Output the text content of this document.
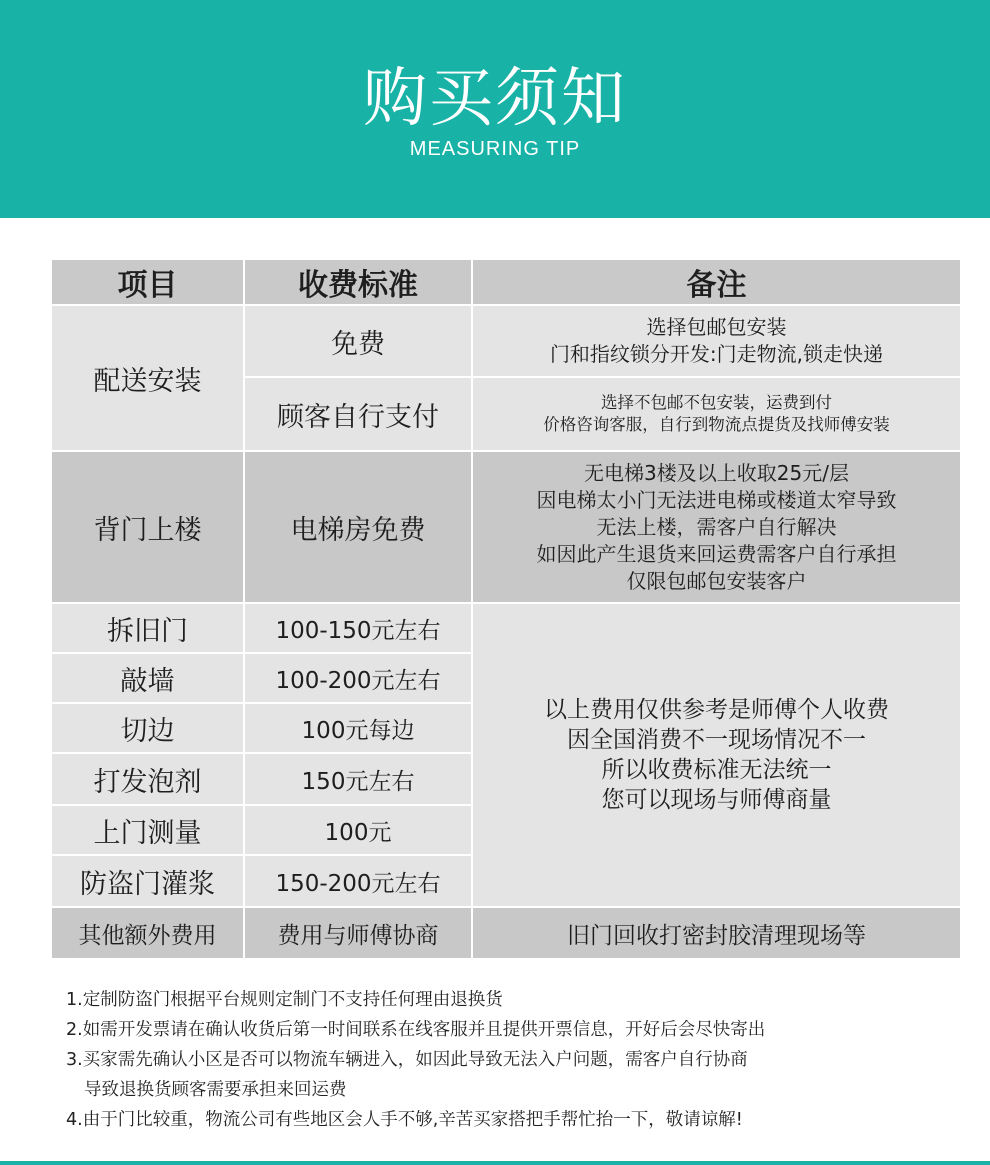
购买须知
MEASURING TIP
项目	收费标准	备注
配送安装	免费	选择包邮包安装
门和指纹锁分开发:门走物流,锁走快递

	顾客自行支付	选择不包邮不包安装，运费到付
价格咨询客服，自行到物流点提货及找师傅安装

背门上楼	电梯房免费	无电梯3楼及以上收取25元/层
因电梯太小门无法进电梯或楼道太窄导致
无法上楼，需客户自行解决
如因此产生退货来回运费需客户自行承担
仅限包邮包安装客户

拆旧门	100-150元左右	以上费用仅供参考是师傅个人收费
因全国消费不一现场情况不一
所以收费标准无法统一
您可以现场与师傅商量

敲墙	100-200元左右	
切边	100元每边	
打发泡剂	150元左右	
上门测量	100元	
防盗门灌浆	150-200元左右	
其他额外费用	费用与师傅协商	旧门回收打密封胶清理现场等
1.定制防盗门根据平台规则定制门不支持任何理由退换货
2.如需开发票请在确认收货后第一时间联系在线客服并且提供开票信息，开好后会尽快寄出
3.买家需先确认小区是否可以物流车辆进入，如因此导致无法入户问题，需客户自行协商
导致退换货顾客需要承担来回运费
4.由于门比较重，物流公司有些地区会人手不够,辛苦买家搭把手帮忙抬一下，敬请谅解!
